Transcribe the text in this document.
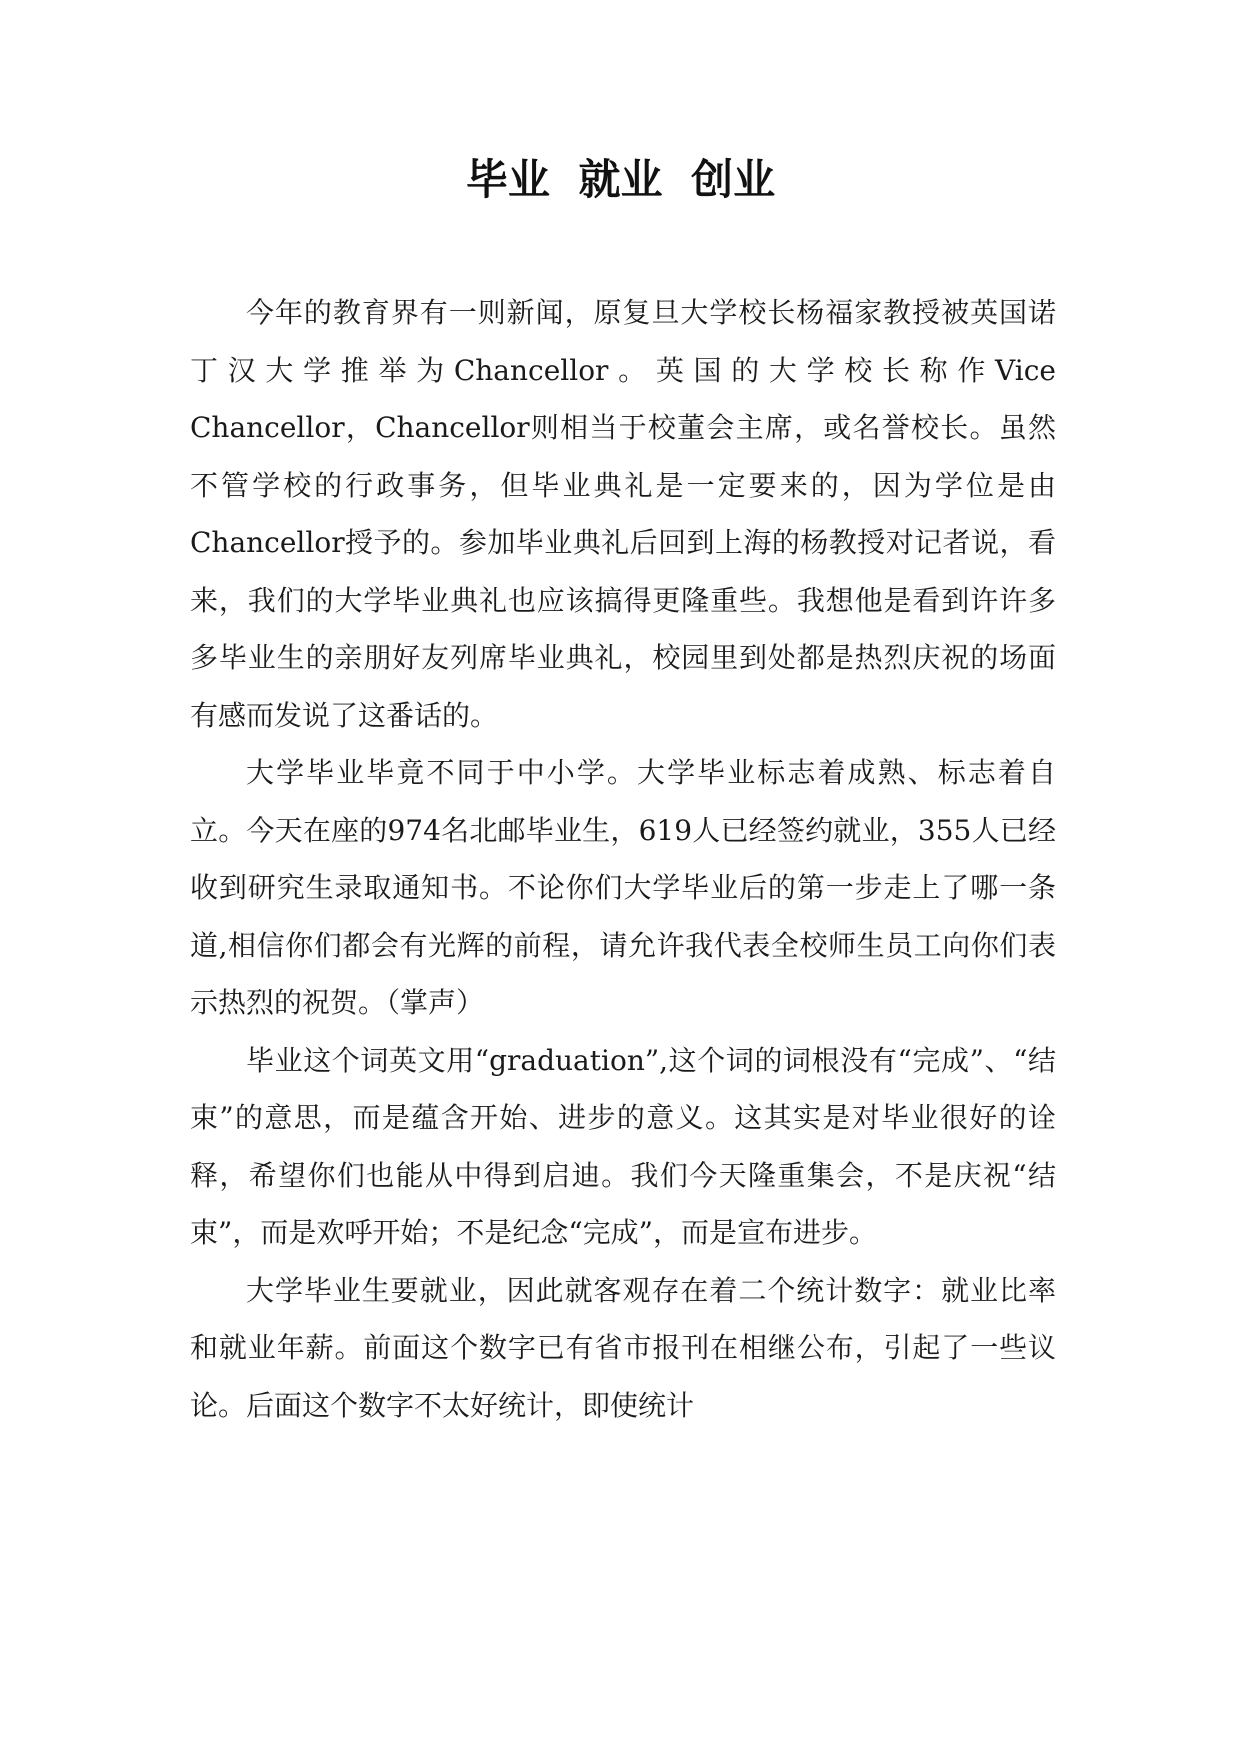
毕业 就业 创业

今年的教育界有一则新闻，原复旦大学校长杨福家教授被英国诺丁汉大学推举为Chancellor。英国的大学校长称作Vice Chancellor，Chancellor则相当于校董会主席，或名誉校长。虽然不管学校的行政事务，但毕业典礼是一定要来的，因为学位是由Chancellor授予的。参加毕业典礼后回到上海的杨教授对记者说，看来，我们的大学毕业典礼也应该搞得更隆重些。我想他是看到许许多多毕业生的亲朋好友列席毕业典礼，校园里到处都是热烈庆祝的场面有感而发说了这番话的。

大学毕业毕竟不同于中小学。大学毕业标志着成熟、标志着自立。今天在座的974名北邮毕业生，619人已经签约就业，355人已经收到研究生录取通知书。不论你们大学毕业后的第一步走上了哪一条道,相信你们都会有光辉的前程，请允许我代表全校师生员工向你们表示热烈的祝贺。（掌声）

毕业这个词英文用“graduation”,这个词的词根没有“完成”、“结束”的意思，而是蕴含开始、进步的意义。这其实是对毕业很好的诠释，希望你们也能从中得到启迪。我们今天隆重集会，不是庆祝“结束”，而是欢呼开始；不是纪念“完成”，而是宣布进步。

大学毕业生要就业，因此就客观存在着二个统计数字：就业比率和就业年薪。前面这个数字已有省市报刊在相继公布，引起了一些议论。后面这个数字不太好统计，即使统计
